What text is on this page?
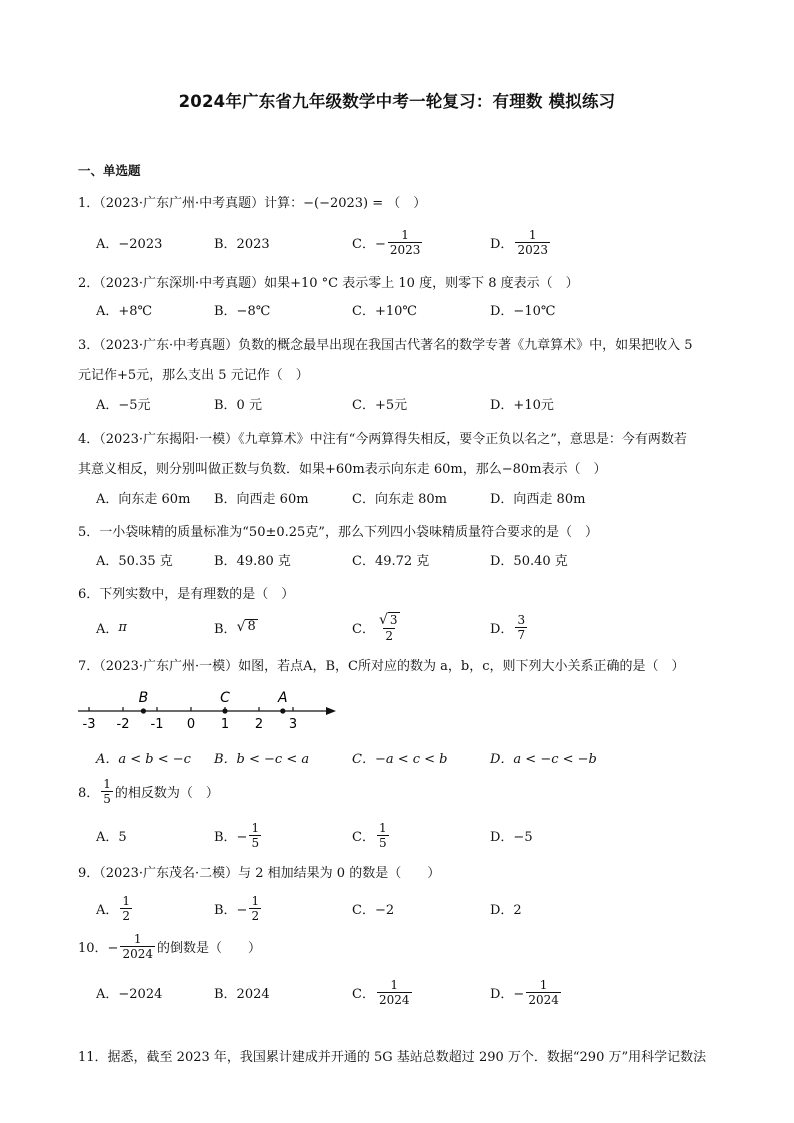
2024年广东省九年级数学中考一轮复习：有理数 模拟练习
一、单选题
1．（2023·广东广州·中考真题）计算：−(−2023) = （　）
A．−2023	B．2023	C．− $\frac{1}{2023}$	D． $\frac{1}{2023}$
2．（2023·广东深圳·中考真题）如果+10 °C 表示零上 10 度，则零下 8 度表示（　）
A．+8℃	B．−8℃	C．+10℃	D．−10℃
3．（2023·广东·中考真题）负数的概念最早出现在我国古代著名的数学专著《九章算术》中，如果把收入 5
元记作+5元，那么支出 5 元记作（　）
A．−5元	B．0 元	C．+5元	D．+10元
4．（2023·广东揭阳·一模）《九章算术》中注有“今两算得失相反，要令正负以名之”，意思是：今有两数若
其意义相反，则分别叫做正数与负数．如果+60m表示向东走 60m，那么−80m表示（　）
A．向东走 60m B．向西走 60m	C．向东走 80m	D．向西走 80m
5．一小袋味精的质量标准为“50±0.25克”，那么下列四小袋味精质量符合要求的是（　）
A．50.35 克	B．49.80 克	C．49.72 克	D．50.40 克
6．下列实数中，是有理数的是（　）
A． π	B． √ 8	C． $\frac{√ 3}{2}$	D． $\frac{3}{7}$
7．（2023·广东广州·一模）如图，若点A，B，C所对应的数为 a，b，c，则下列大小关系正确的是（　）
-3 -2 -1 0 1 2 3
B	C	A
A．a < b < −c B．b < −c < a	C．−a < c < b	D．a < −c < −b
8． $\frac{1}{5}$ 的相反数为（　）
A．5	B．− $\frac{1}{5}$	C． $\frac{1}{5}$	D．−5
9．（2023·广东茂名·二模）与 2 相加结果为 0 的数是（　　）
A． $\frac{1}{2}$	B．− $\frac{1}{2}$	C．−2	D．2
10．− $\frac{1}{2024}$ 的倒数是（　　）
A．−2024	B．2024	C． $\frac{1}{2024}$	D．− $\frac{1}{2024}$
11．据悉，截至 2023 年，我国累计建成并开通的 5G 基站总数超过 290 万个．数据“290 万”用科学记数法
